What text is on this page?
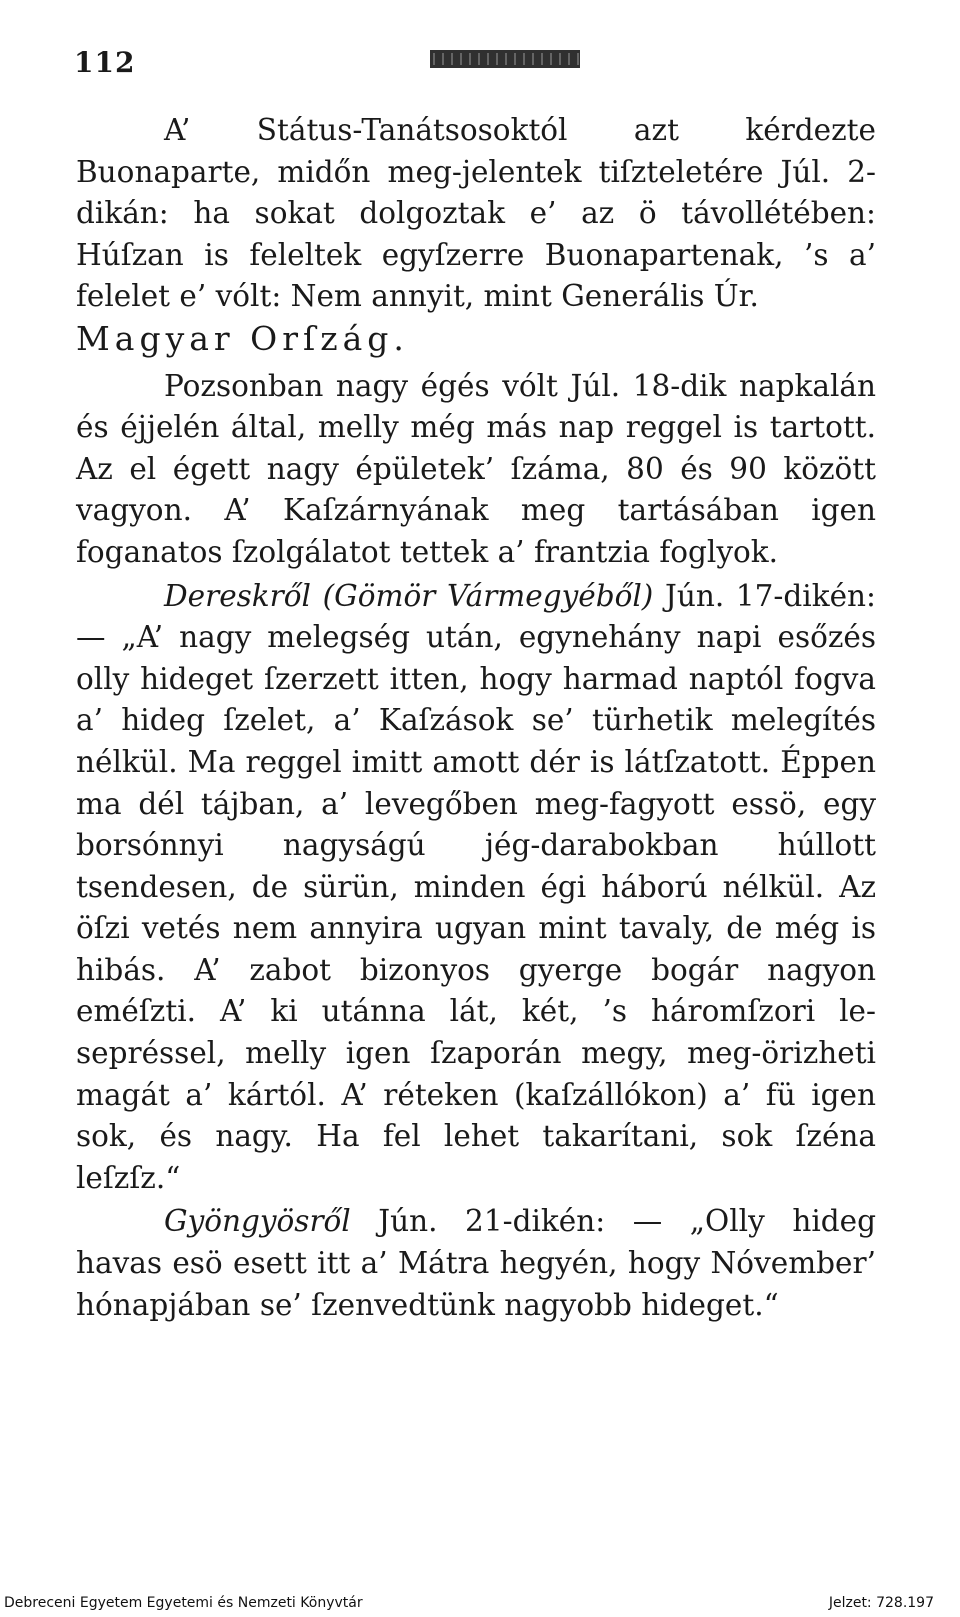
112

A’ Státus-Tanátsosoktól azt kérdezte Buonaparte, midőn meg-jelentek tiſzteletére Júl. 2-dikán: ha sokat dolgoztak e’ az ö távollétében: Húſzan is feleltek egyſzerre Buonapartenak, ’s a’ felelet e’ vólt: Nem annyit, mint Generális Úr.

Magyar Orſzág.

Pozsonban nagy égés vólt Júl. 18-dik napkalán és éjjelén által, melly még más nap reggel is tartott. Az el égett nagy épületek’ ſzáma, 80 és 90 között vagyon. A’ Kaſzárnyának meg tartásában igen foganatos ſzolgálatot tettek a’ frantzia foglyok.

Dereskről (Gömör Vármegyéből) Jún. 17-dikén: — „A’ nagy melegség után, egynehány napi esőzés olly hideget ſzerzett itten, hogy harmad naptól fogva a’ hideg ſzelet, a’ Kaſzások se’ türhetik melegítés nélkül. Ma reggel imitt amott dér is látſzatott. Éppen ma dél tájban, a’ levegőben meg-fagyott essö, egy borsónnyi nagyságú jég-darabokban húllott tsendesen, de sürün, minden égi háború nélkül. Az öſzi vetés nem annyira ugyan mint tavaly, de még is hibás. A’ zabot bizonyos gyerge bogár nagyon eméſzti. A’ ki utánna lát, két, ’s háromſzori le-sepréssel, melly igen ſzaporán megy, meg-örizheti magát a’ kártól. A’ réteken (kaſzállókon) a’ fü igen sok, és nagy. Ha fel lehet takarítani, sok ſzéna leſzſz.“

Gyöngyösről Jún. 21-dikén: — „Olly hideg havas esö esett itt a’ Mátra hegyén, hogy Nóvember’ hónapjában se’ ſzenvedtünk nagyobb hideget.“

Debreceni Egyetem Egyetemi és Nemzeti Könyvtár	Jelzet: 728.197
